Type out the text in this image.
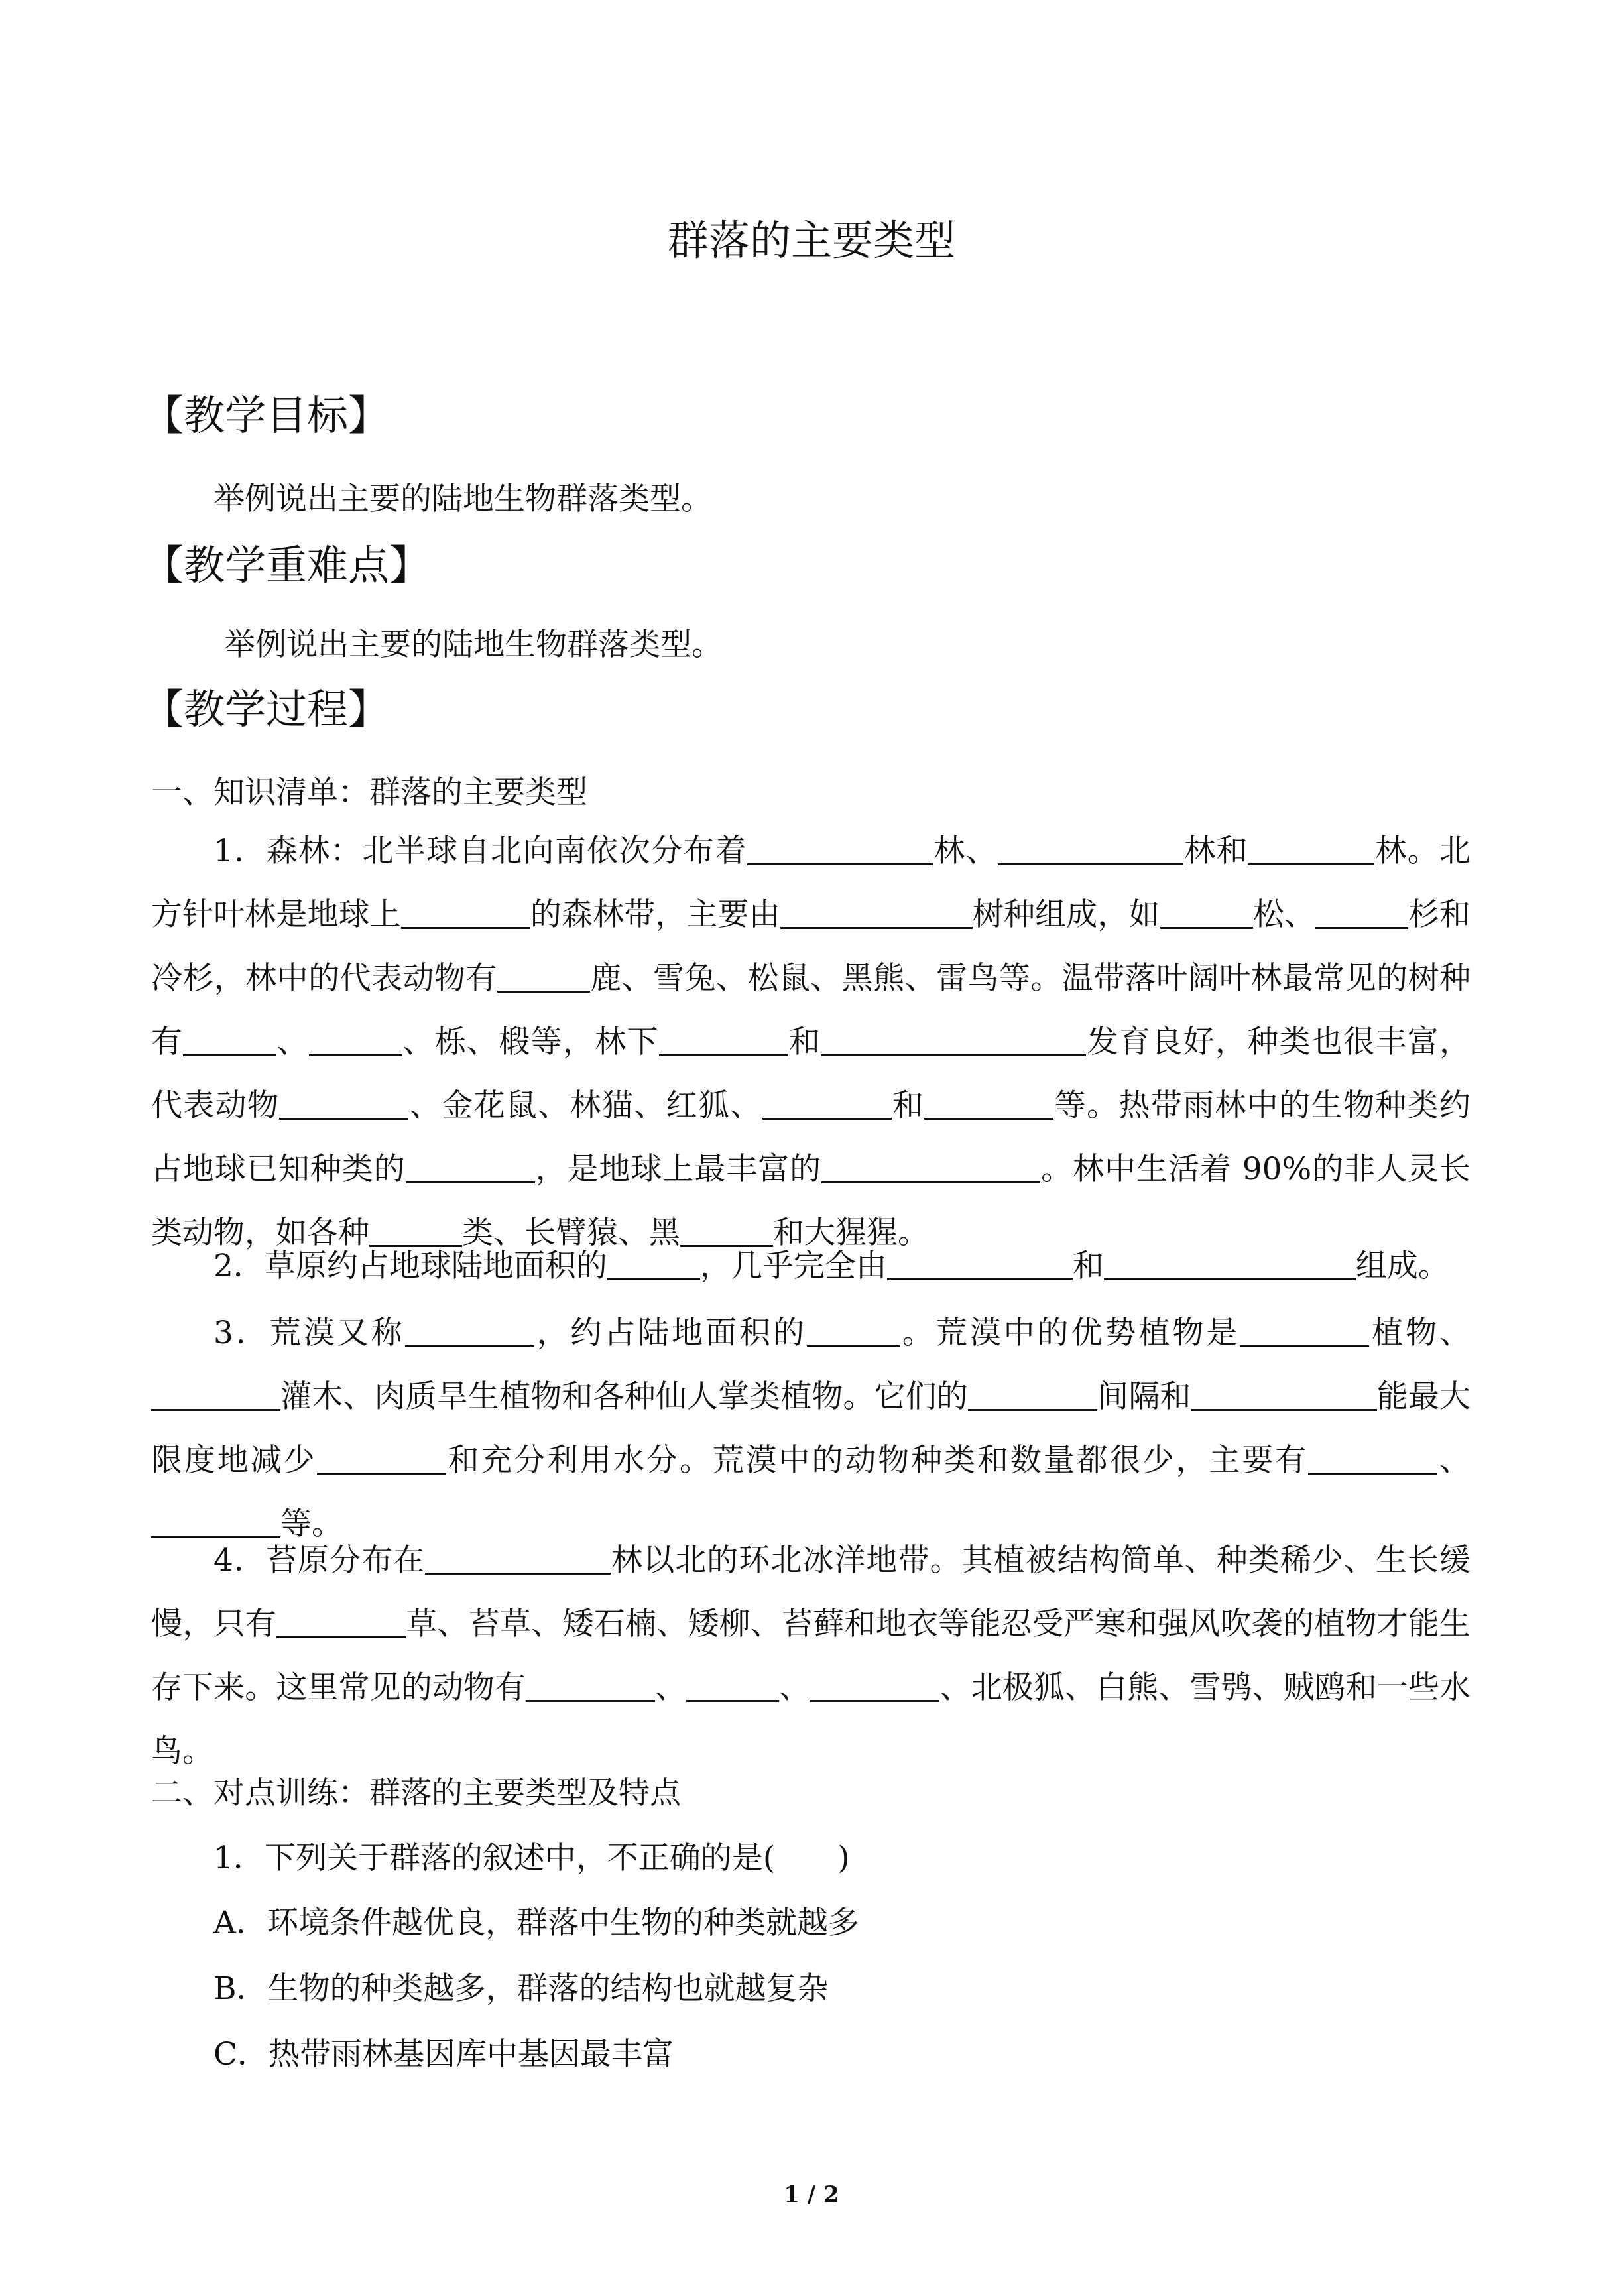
群落的主要类型
【教学目标】
举例说出主要的陆地生物群落类型。
【教学重难点】
举例说出主要的陆地生物群落类型。
【教学过程】
一、知识清单：群落的主要类型
1．森林：北半球自北向南依次分布着	林、	林和	林。北方针叶林是地球上	的森林带，主要由	树种组成，如	松、	杉和冷杉，林中的代表动物有	鹿、雪兔、松鼠、黑熊、雷鸟等。温带落叶阔叶林最常见的树种有	、	、栎、椴等，林下	和	发育良好，种类也很丰富，代表动物	、金花鼠、林猫、红狐、	和	等。热带雨林中的生物种类约占地球已知种类的	，是地球上最丰富的	。林中生活着 90%的非人灵长类动物，如各种	类、长臂猿、黑	和大猩猩。
2．草原约占地球陆地面积的	，几乎完全由	和	组成。
3．荒漠又称	，约占陆地面积的	。荒漠中的优势植物是	植物、灌木、肉质旱生植物和各种仙人掌类植物。它们的	间隔和	能最大限度地减少	和充分利用水分。荒漠中的动物种类和数量都很少，主要有	、等。
4．苔原分布在	林以北的环北冰洋地带。其植被结构简单、种类稀少、生长缓慢，只有	草、苔草、矮石楠、矮柳、苔藓和地衣等能忍受严寒和强风吹袭的植物才能生存下来。这里常见的动物有	、	、	、北极狐、白熊、雪鸮、贼鸥和一些水鸟。
二、对点训练：群落的主要类型及特点
1．下列关于群落的叙述中，不正确的是(　　)
A．环境条件越优良，群落中生物的种类就越多
B．生物的种类越多，群落的结构也就越复杂
C．热带雨林基因库中基因最丰富
1 / 2
